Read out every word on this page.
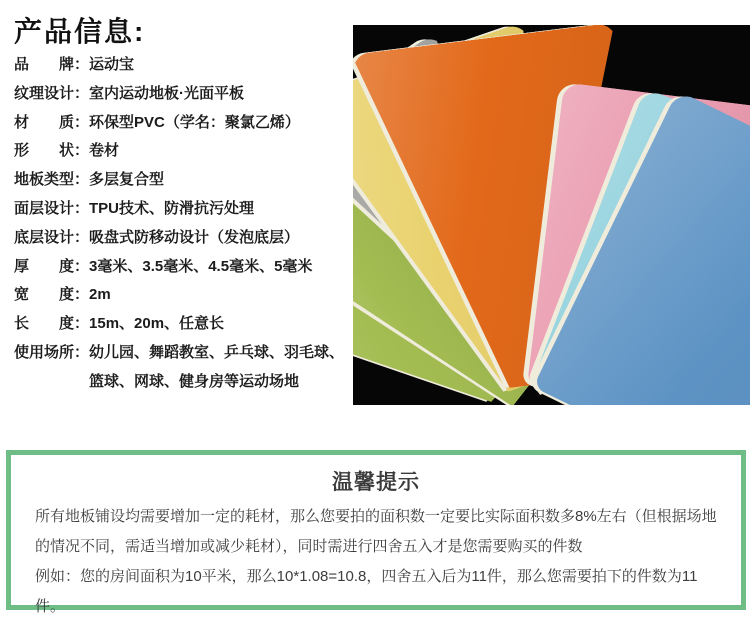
产品信息:
品　　牌： 运动宝
纹理设计： 室内运动地板·光面平板
材　　质： 环保型PVC（学名：聚氯乙烯）
形　　状： 卷材
地板类型： 多层复合型
面层设计： TPU技术、防滑抗污处理
底层设计： 吸盘式防移动设计（发泡底层）
厚　　度： 3毫米、3.5毫米、4.5毫米、5毫米
宽　　度： 2m
长　　度： 15m、20m、任意长
使用场所： 幼儿园、舞蹈教室、乒乓球、羽毛球、篮球、网球、健身房等运动场地
温馨提示

所有地板铺设均需要增加一定的耗材，那么您要拍的面积数一定要比实际面积数多8%左右（但根据场地的情况不同，需适当增加或减少耗材），同时需进行四舍五入才是您需要购买的件数

例如：您的房间面积为10平米，那么10*1.08=10.8，四舍五入后为11件，那么您需要拍下的件数为11件。
